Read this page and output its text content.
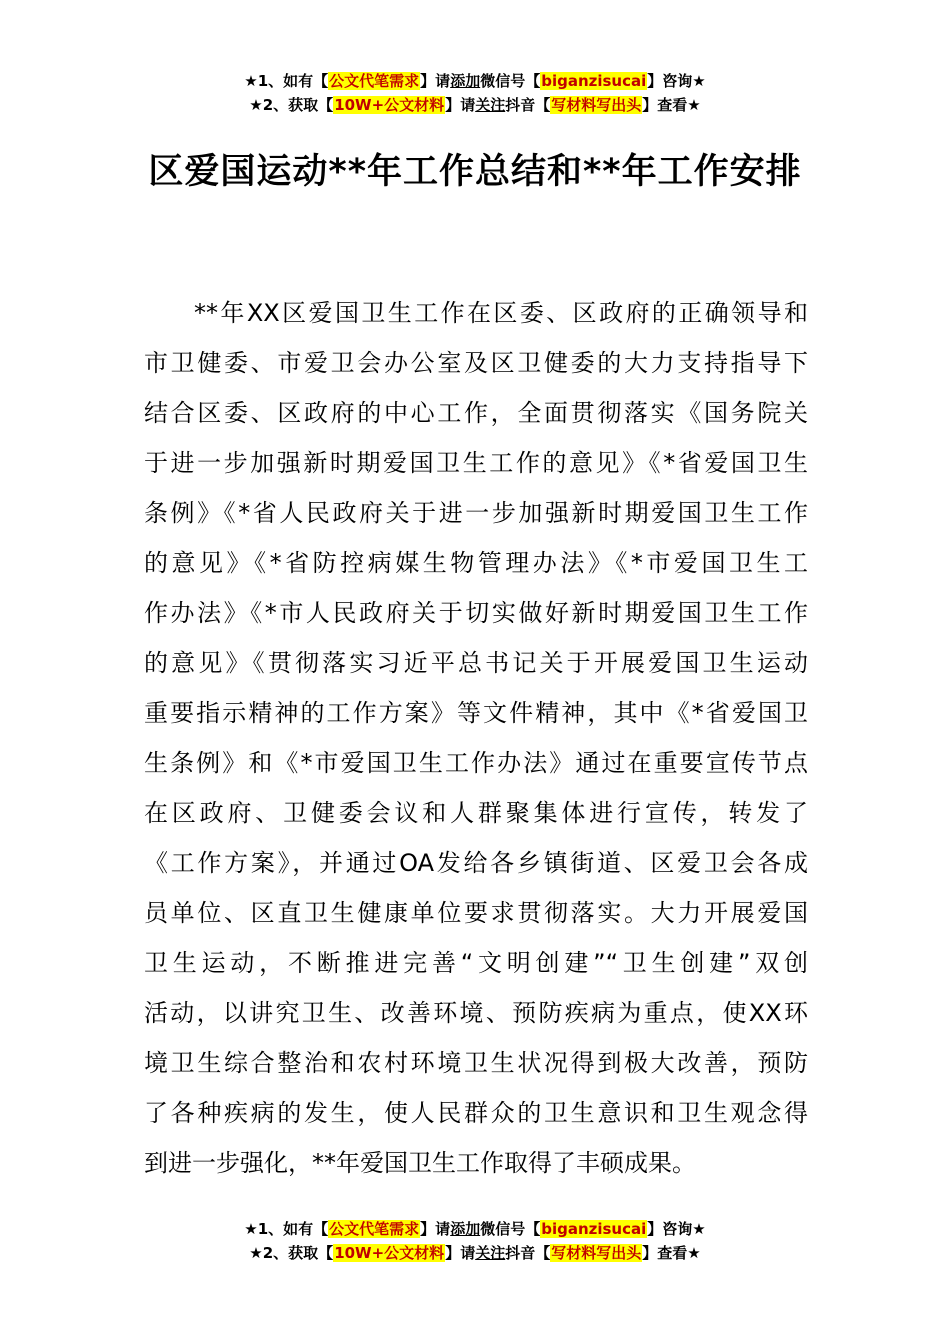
★1、如有【公文代笔需求】请添加微信号【biganzisucai】咨询★
★2、获取【10W+公文材料】请关注抖音【写材料写出头】查看★
区爱国运动**年工作总结和**年工作安排
**年XX区爱国卫生工作在区委、区政府的正确领导和
市卫健委、市爱卫会办公室及区卫健委的大力支持指导下
结合区委、区政府的中心工作，全面贯彻落实《国务院关
于进一步加强新时期爱国卫生工作的意见》《*省爱国卫生
条例》《*省人民政府关于进一步加强新时期爱国卫生工作
的意见》《*省防控病媒生物管理办法》《*市爱国卫生工
作办法》《*市人民政府关于切实做好新时期爱国卫生工作
的意见》《贯彻落实习近平总书记关于开展爱国卫生运动
重要指示精神的工作方案》等文件精神，其中《*省爱国卫
生条例》和《*市爱国卫生工作办法》通过在重要宣传节点
在区政府、卫健委会议和人群聚集体进行宣传，转发了
《工作方案》，并通过OA发给各乡镇街道、区爱卫会各成
员单位、区直卫生健康单位要求贯彻落实。大力开展爱国
卫生运动，不断推进完善“文明创建”“卫生创建”双创
活动，以讲究卫生、改善环境、预防疾病为重点，使XX环
境卫生综合整治和农村环境卫生状况得到极大改善，预防
了各种疾病的发生，使人民群众的卫生意识和卫生观念得
到进一步强化，**年爱国卫生工作取得了丰硕成果。
★1、如有【公文代笔需求】请添加微信号【biganzisucai】咨询★
★2、获取【10W+公文材料】请关注抖音【写材料写出头】查看★
